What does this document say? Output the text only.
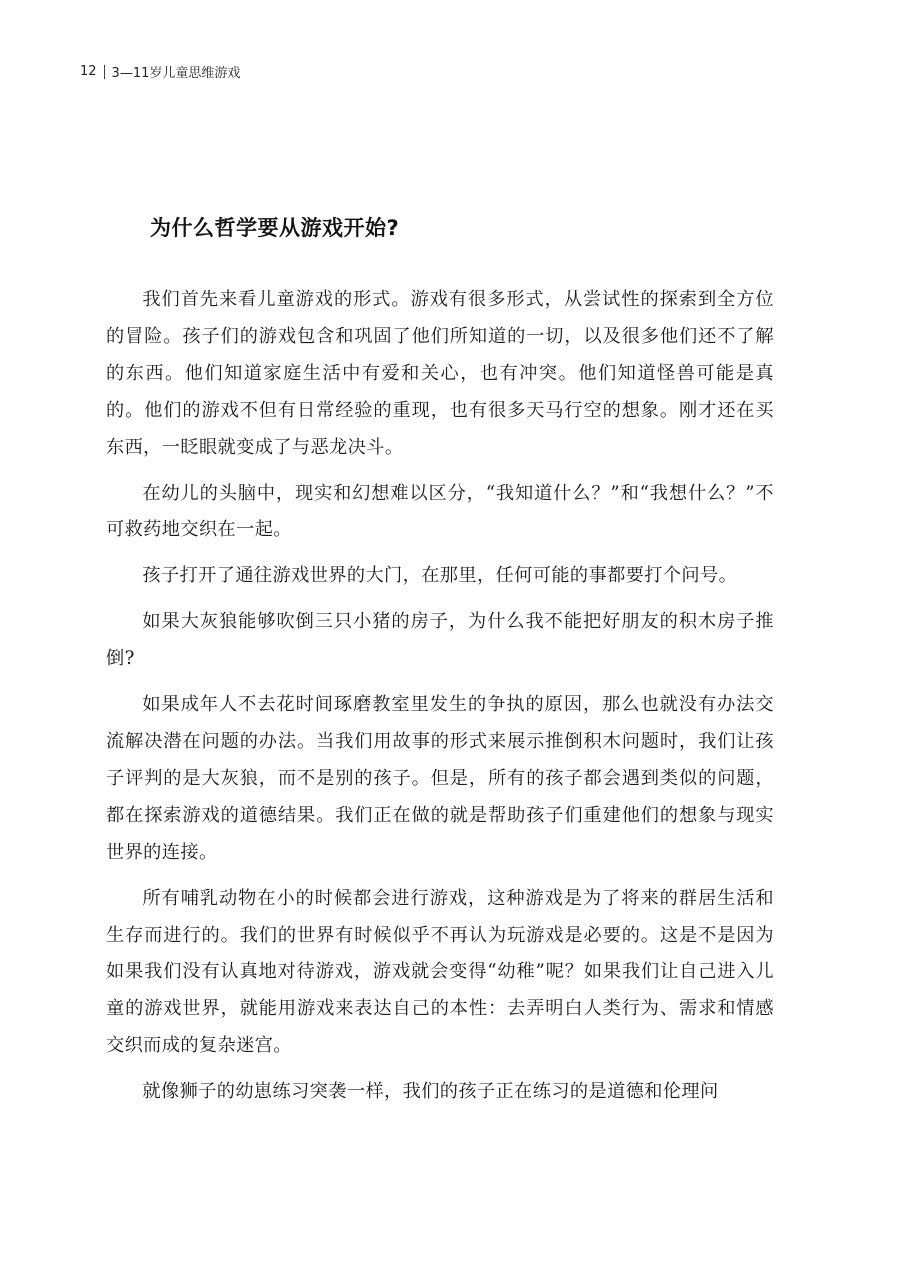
12 3—11岁儿童思维游戏
为什么哲学要从游戏开始?

我们首先来看儿童游戏的形式。游戏有很多形式，从尝试性的探索到全方位的冒险。孩子们的游戏包含和巩固了他们所知道的一切，以及很多他们还不了解的东西。他们知道家庭生活中有爱和关心，也有冲突。他们知道怪兽可能是真的。他们的游戏不但有日常经验的重现，也有很多天马行空的想象。刚才还在买东西，一眨眼就变成了与恶龙决斗。

在幼儿的头脑中，现实和幻想难以区分，“我知道什么？”和“我想什么？”不可救药地交织在一起。

孩子打开了通往游戏世界的大门，在那里，任何可能的事都要打个问号。

如果大灰狼能够吹倒三只小猪的房子，为什么我不能把好朋友的积木房子推倒?

如果成年人不去花时间琢磨教室里发生的争执的原因，那么也就没有办法交流解决潜在问题的办法。当我们用故事的形式来展示推倒积木问题时，我们让孩子评判的是大灰狼，而不是别的孩子。但是，所有的孩子都会遇到类似的问题，都在探索游戏的道德结果。我们正在做的就是帮助孩子们重建他们的想象与现实世界的连接。

所有哺乳动物在小的时候都会进行游戏，这种游戏是为了将来的群居生活和生存而进行的。我们的世界有时候似乎不再认为玩游戏是必要的。这是不是因为如果我们没有认真地对待游戏，游戏就会变得“幼稚”呢？如果我们让自己进入儿童的游戏世界，就能用游戏来表达自己的本性：去弄明白人类行为、需求和情感交织而成的复杂迷宫。

就像狮子的幼崽练习突袭一样，我们的孩子正在练习的是道德和伦理问
